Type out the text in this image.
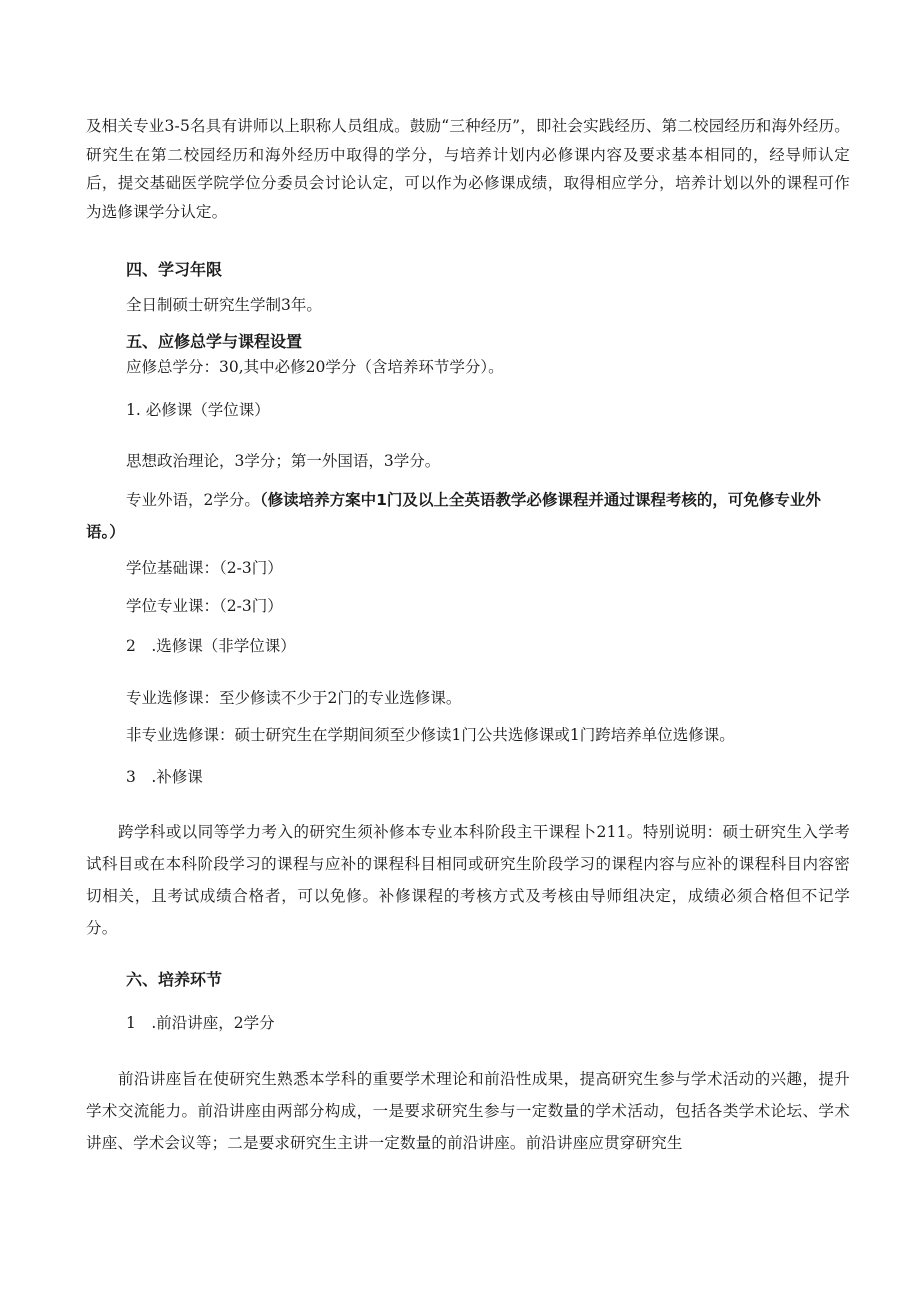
及相关专业3-5名具有讲师以上职称人员组成。鼓励“三种经历”，即社会实践经历、第二校园经历和海外经历。研究生在第二校园经历和海外经历中取得的学分，与培养计划内必修课内容及要求基本相同的，经导师认定后，提交基础医学院学位分委员会讨论认定，可以作为必修课成绩，取得相应学分，培养计划以外的课程可作为选修课学分认定。

四、学习年限

全日制硕士研究生学制3年。

五、应修总学与课程设置

应修总学分：30,其中必修20学分（含培养环节学分）。

1. 必修课（学位课）

思想政治理论，3学分；第一外国语，3学分。

专业外语，2学分。（修读培养方案中1门及以上全英语教学必修课程并通过课程考核的，可免修专业外语。）

学位基础课：（2-3门）

学位专业课：（2-3门）

2　.选修课（非学位课）

专业选修课：至少修读不少于2门的专业选修课。

非专业选修课：硕士研究生在学期间须至少修读1门公共选修课或1门跨培养单位选修课。

3　.补修课

跨学科或以同等学力考入的研究生须补修本专业本科阶段主干课程卜211。特别说明：硕士研究生入学考试科目或在本科阶段学习的课程与应补的课程科目相同或研究生阶段学习的课程内容与应补的课程科目内容密切相关，且考试成绩合格者，可以免修。补修课程的考核方式及考核由导师组决定，成绩必须合格但不记学分。

六、培养环节

1　.前沿讲座，2学分

前沿讲座旨在使研究生熟悉本学科的重要学术理论和前沿性成果，提高研究生参与学术活动的兴趣，提升学术交流能力。前沿讲座由两部分构成，一是要求研究生参与一定数量的学术活动，包括各类学术论坛、学术讲座、学术会议等；二是要求研究生主讲一定数量的前沿讲座。前沿讲座应贯穿研究生
